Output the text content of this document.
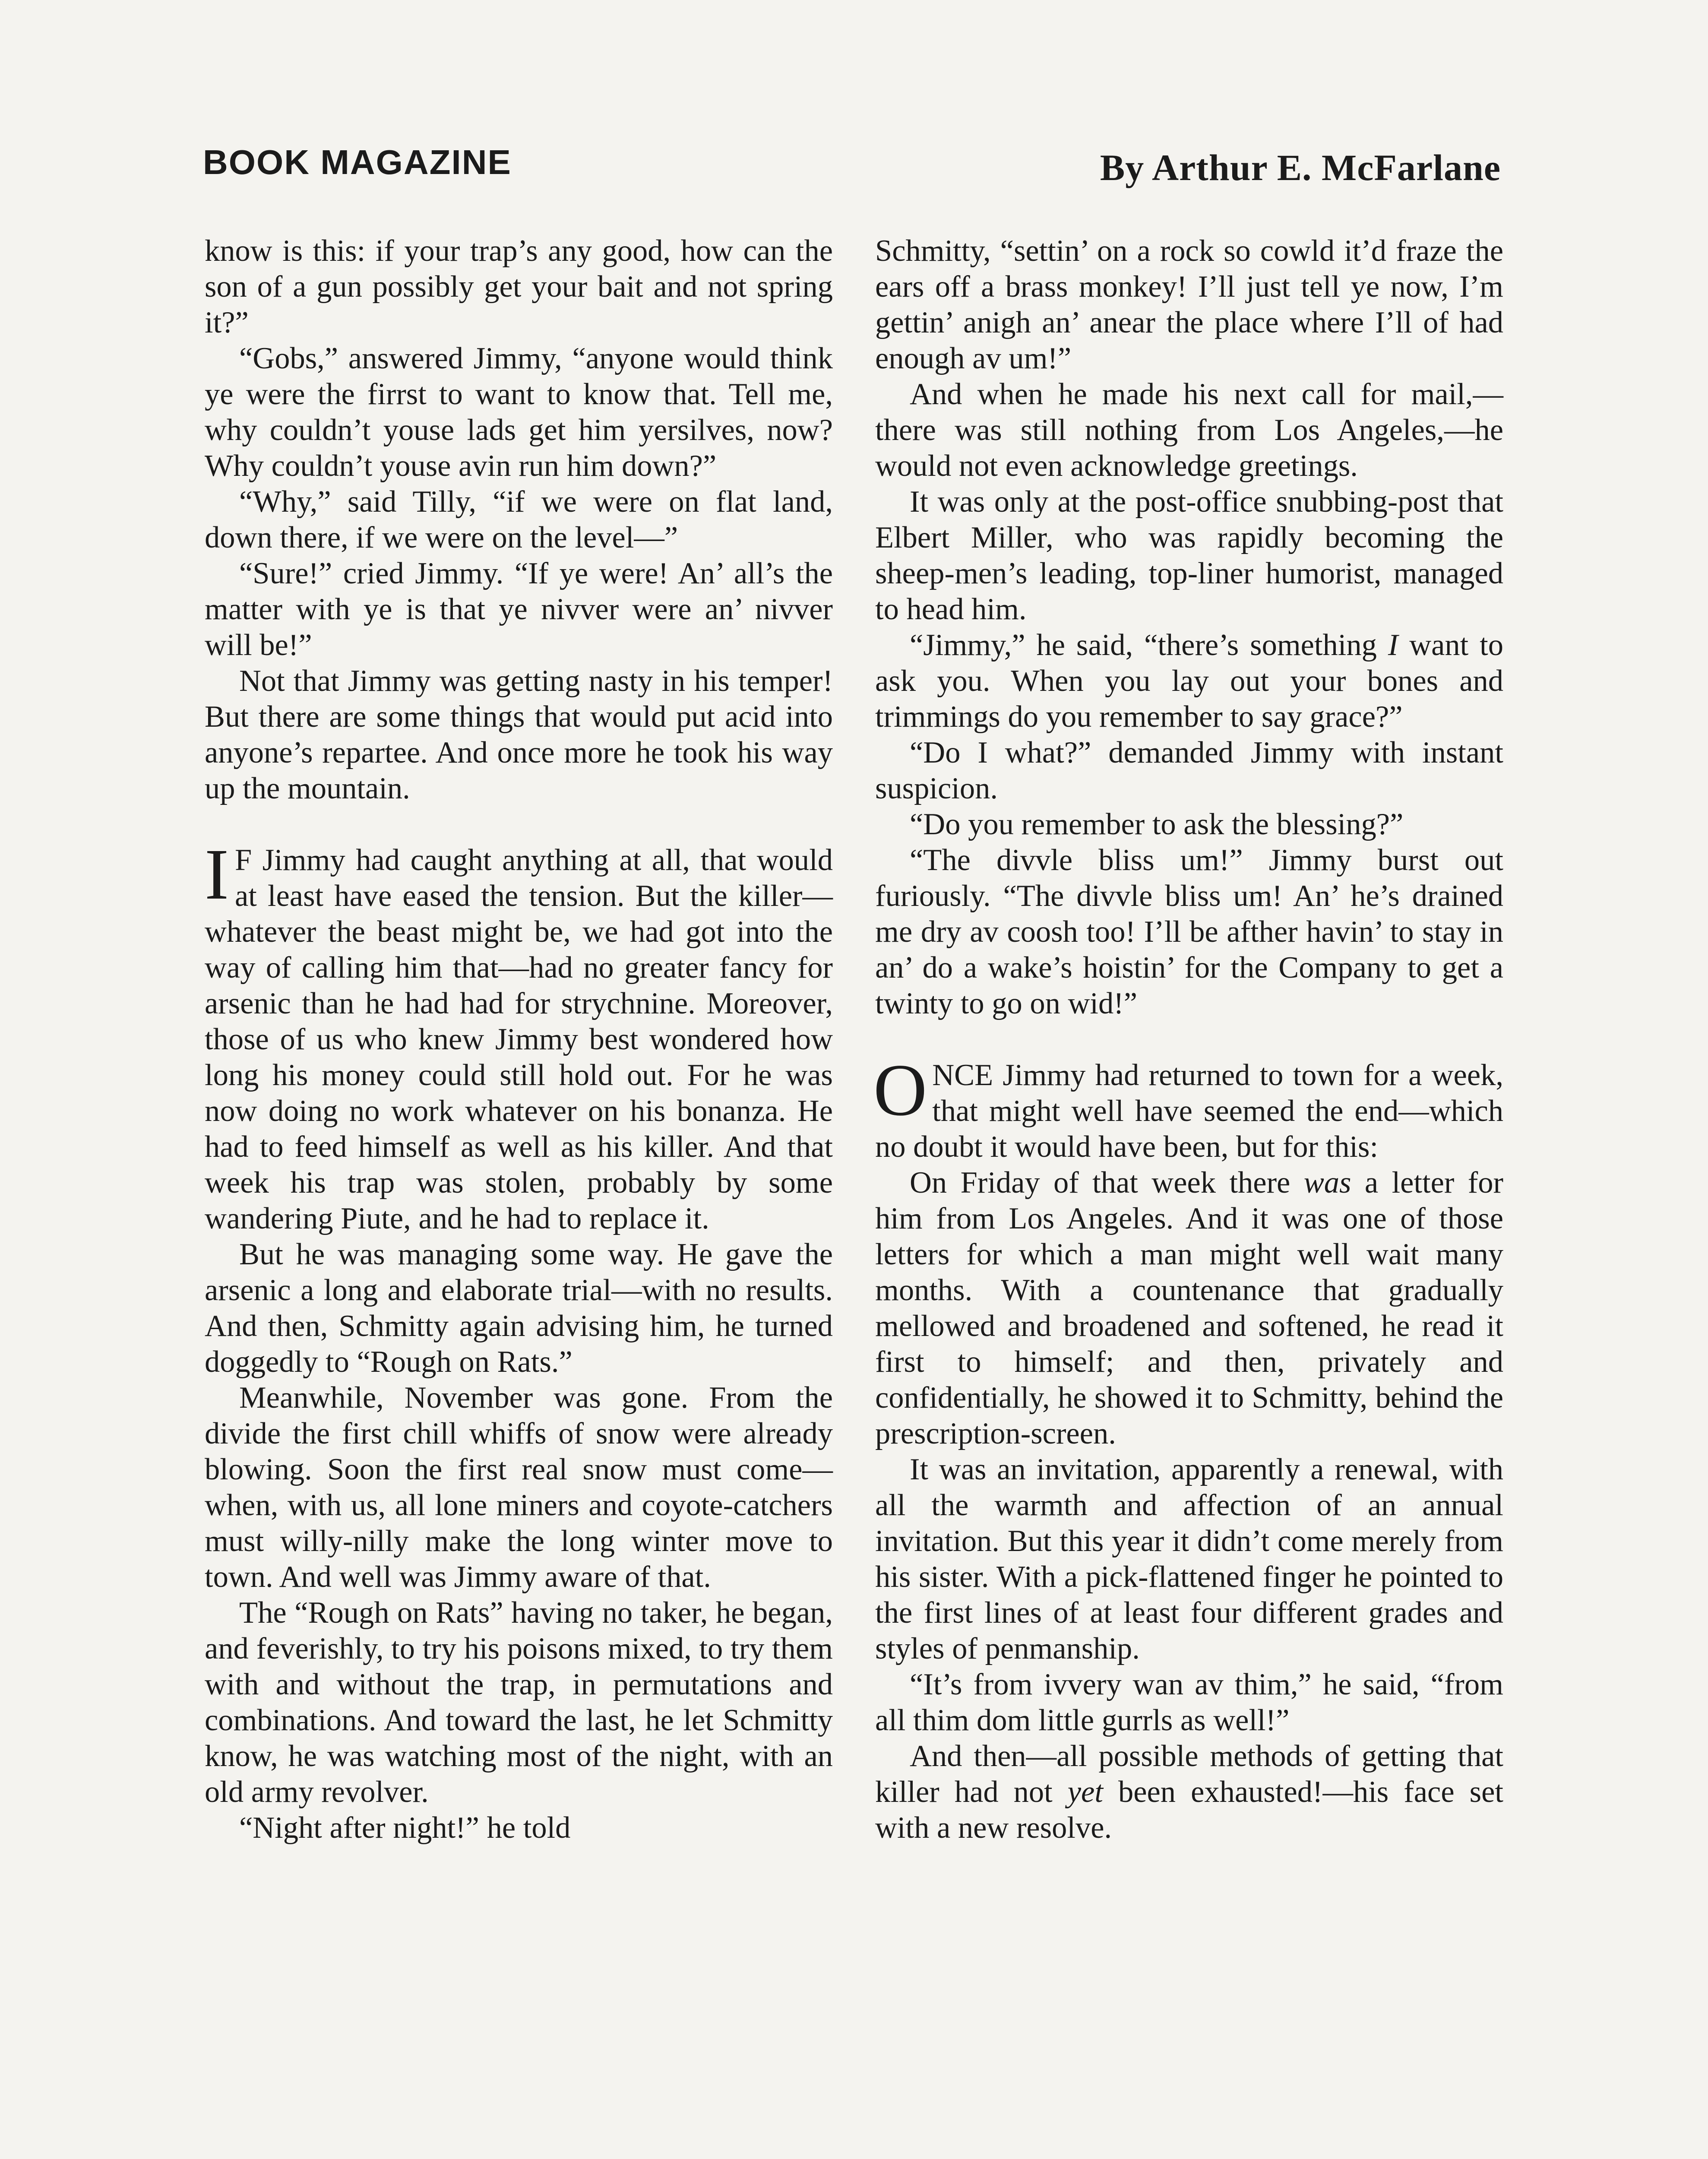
BOOK MAGAZINE	By Arthur E. McFarlane

know is this: if your trap’s any good, how can the son of a gun possibly get your bait and not spring it?”

“Gobs,” answered Jimmy, “anyone would think ye were the firrst to want to know that. Tell me, why couldn’t youse lads get him yersilves, now? Why couldn’t youse avin run him down?”

“Why,” said Tilly, “if we were on flat land, down there, if we were on the level—”

“Sure!” cried Jimmy. “If ye were! An’ all’s the matter with ye is that ye nivver were an’ nivver will be!”

Not that Jimmy was getting nasty in his temper! But there are some things that would put acid into anyone’s repartee. And once more he took his way up the mountain.

I F Jimmy had caught anything at all, that would at least have eased the tension. But the killer—whatever the beast might be, we had got into the way of calling him that—had no greater fancy for arsenic than he had had for strychnine. Moreover, those of us who knew Jimmy best wondered how long his money could still hold out. For he was now doing no work whatever on his bonanza. He had to feed himself as well as his killer. And that week his trap was stolen, probably by some wandering Piute, and he had to replace it.

But he was managing some way. He gave the arsenic a long and elaborate trial—with no results. And then, Schmitty again advising him, he turned doggedly to “Rough on Rats.”

Meanwhile, November was gone. From the divide the first chill whiffs of snow were already blowing. Soon the first real snow must come—when, with us, all lone miners and coyote-catchers must willy-nilly make the long winter move to town. And well was Jimmy aware of that.

The “Rough on Rats” having no taker, he began, and feverishly, to try his poisons mixed, to try them with and without the trap, in permutations and combinations. And toward the last, he let Schmitty know, he was watching most of the night, with an old army revolver.

“Night after night!” he told

Schmitty, “settin’ on a rock so cowld it’d fraze the ears off a brass monkey! I’ll just tell ye now, I’m gettin’ anigh an’ anear the place where I’ll of had enough av um!”

And when he made his next call for mail,—there was still nothing from Los Angeles,—he would not even acknowledge greetings.

It was only at the post-office snubbing-post that Elbert Miller, who was rapidly becoming the sheep-men’s leading, top-liner humorist, managed to head him.

“Jimmy,” he said, “there’s something I want to ask you. When you lay out your bones and trimmings do you remember to say grace?”

“Do I what?” demanded Jimmy with instant suspicion.

“Do you remember to ask the blessing?”

“The divvle bliss um!” Jimmy burst out furiously. “The divvle bliss um! An’ he’s drained me dry av coosh too! I’ll be afther havin’ to stay in an’ do a wake’s hoistin’ for the Company to get a twinty to go on wid!”

ONCE Jimmy had returned to town for a week, that might well have seemed the end—which no doubt it would have been, but for this:

On Friday of that week there was a letter for him from Los Angeles. And it was one of those letters for which a man might well wait many months. With a countenance that gradually mellowed and broadened and softened, he read it first to himself; and then, privately and confidentially, he showed it to Schmitty, behind the prescription-screen.

It was an invitation, apparently a renewal, with all the warmth and affection of an annual invitation. But this year it didn’t come merely from his sister. With a pick-flattened finger he pointed to the first lines of at least four different grades and styles of penmanship.

“It’s from ivvery wan av thim,” he said, “from all thim dom little gurrls as well!”

And then—all possible methods of getting that killer had not yet been exhausted!—his face set with a new resolve.
